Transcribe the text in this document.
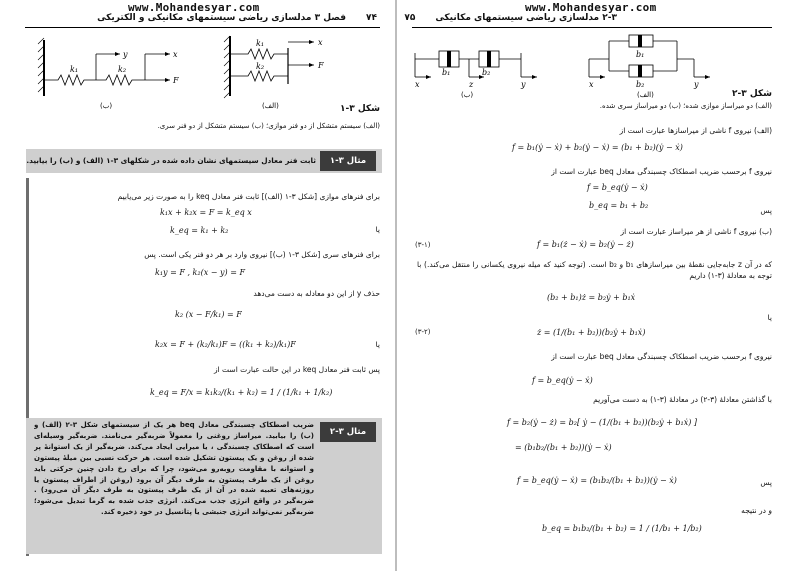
www.Mohandesyar.com
۷۴
فصل ۳ مدلسازی ریاضی سیستمهای مکانیکی و الکتریکی
k₁	k₂
y	x
F
(ب)
k₁
k₂
x
F
(الف)	شکل ۳-۱
(الف) سیستم متشکل از دو فنر موازی؛ (ب) سیستم متشکل از دو فنر سری.
مثال ۳-۱
ثابت فنر معادل سیستمهای نشان داده شده در شکلهای ۳-۱ (الف) و (ب) را بیابید.
برای فنرهای موازی [شکل ۳-۱ (الف)] ثابت فنر معادل keq را به صورت زیر می‌یابیم
k₁x + k₂x = F = k_eq x
یا
k_eq = k₁ + k₂
برای فنرهای سری [شکل ۳-۱ (ب)] نیروی وارد بر هر دو فنر یکی است. پس
k₁y = F , k₂(x − y) = F
حذف y از این دو معادله به دست می‌دهد
k₂ (x − F/k₁) = F
یا
k₂x = F + (k₂/k₁)F = ((k₁ + k₂)/k₁)F
پس ثابت فنر معادل keq در این حالت عبارت است از
k_eq = F/x = k₁k₂/(k₁ + k₂) = 1 / (1/k₁ + 1/k₂)
مثال ۳-۲
ضریب اصطکاک چسبندگی معادل beq هر یک از سیستمهای شکل ۳-۲ (الف) و (ب) را بیابید. میراساز روغنی را معمولاً ضربه‌گیر می‌نامند. ضربه‌گیر وسیله‌ای است که اصطکاک چسبندگی ، یا میرایی ایجاد می‌کند. ضربه‌گیر از یک استوانهٔ پر شده از روغن و یک پیستون تشکیل شده است. هر حرکت نسبی بین میلهٔ پیستون و استوانه با مقاومت روبه‌رو می‌شود، چرا که برای رخ دادن چنین حرکتی باید روغن از یک طرف پیستون به طرف دیگر آن برود (روغن از اطراف پیستون یا روزنه‌های تعبیه شده در آن از یک طرف پیستون به طرف دیگر آن می‌رود) . ضربه‌گیر در واقع انرژی جذب می‌کند. انرژی جذب شده به گرما تبدیل می‌شود؛ ضربه‌گیر نمی‌تواند انرژی جنبشی یا پتانسیل در خود ذخیره کند.
www.Mohandesyar.com
۲-۳ مدلسازی ریاضی سیستمهای مکانیکی
۷۵
b₁	b₂
x	z	y
(ب)
b₁
b₂
x	y
(الف)	شکل ۳-۲
(الف) دو میراساز موازی شده؛ (ب) دو میراساز سری شده.
(الف) نیروی f ناشی از میراسازها عبارت است از
f = b₁(ẏ − ẋ) + b₂(ẏ − ẋ) = (b₁ + b₂)(ẏ − ẋ)
نیروی f برحسب ضریب اصطکاک چسبندگی معادل beq عبارت است از
f = b_eq(ẏ − ẋ)
پس
b_eq = b₁ + b₂
(ب) نیروی f ناشی از هر میراساز عبارت است از
f = b₁(ż − ẋ) = b₂(ẏ − ż)
(۳-۱)
که در آن z جابه‌جایی نقطهٔ بین میراسازهای b₁ و b₂ است. (توجه کنید که میله نیروی یکسانی را منتقل می‌کند.) با توجه به معادلهٔ (۳-۱) داریم
(b₂ + b₁)ż = b₂ẏ + b₁ẋ
یا
ż = (1/(b₁ + b₂))(b₂ẏ + b₁ẋ)
(۳-۲)
نیروی f برحسب ضریب اصطکاک چسبندگی معادل beq عبارت است از
f = b_eq(ẏ − ẋ)
با گذاشتن معادلهٔ (۳-۲) در معادلهٔ (۳-۱) به دست می‌آوریم
f = b₂(ẏ − ż) = b₂[ ẏ − (1/(b₁ + b₂))(b₂ẏ + b₁ẋ) ]
= (b₁b₂/(b₁ + b₂))(ẏ − ẋ)
پس
f = b_eq(ẏ − ẋ) = (b₁b₂/(b₁ + b₂))(ẏ − ẋ)
و در نتیجه
b_eq = b₁b₂/(b₁ + b₂) = 1 / (1/b₁ + 1/b₂)
